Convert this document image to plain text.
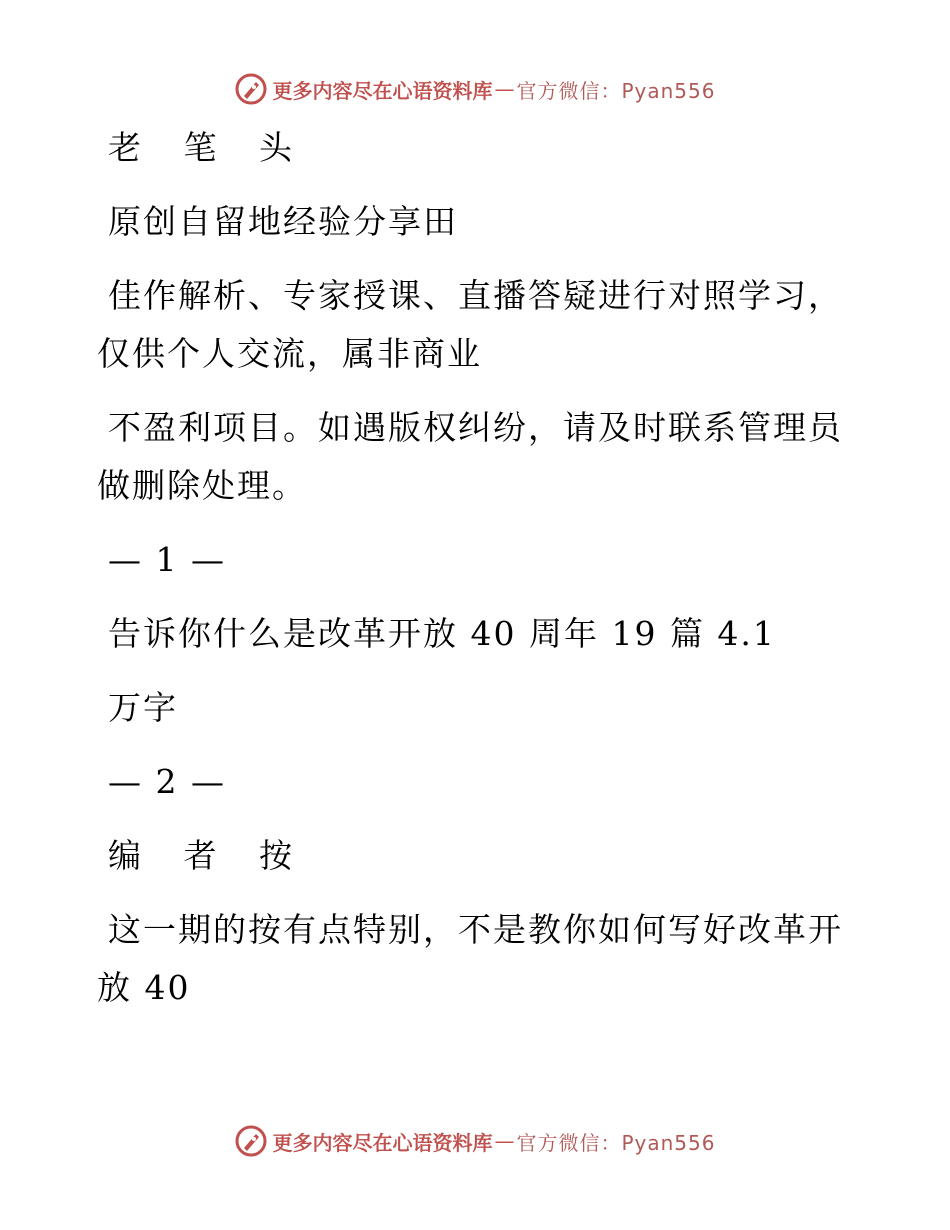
更多内容尽在心语资料库 — 官方微信：Pyan556
老 笔 头
原创自留地经验分享田
佳作解析、专家授课、直播答疑进行对照学习，
仅供个人交流，属非商业
不盈利项目。如遇版权纠纷，请及时联系管理员
做删除处理。
— 1 —
告诉你什么是改革开放 40 周年 19 篇 4.1
万字
— 2 —
编 者 按
这一期的按有点特别，不是教你如何写好改革开
放 40
更多内容尽在心语资料库 — 官方微信：Pyan556
